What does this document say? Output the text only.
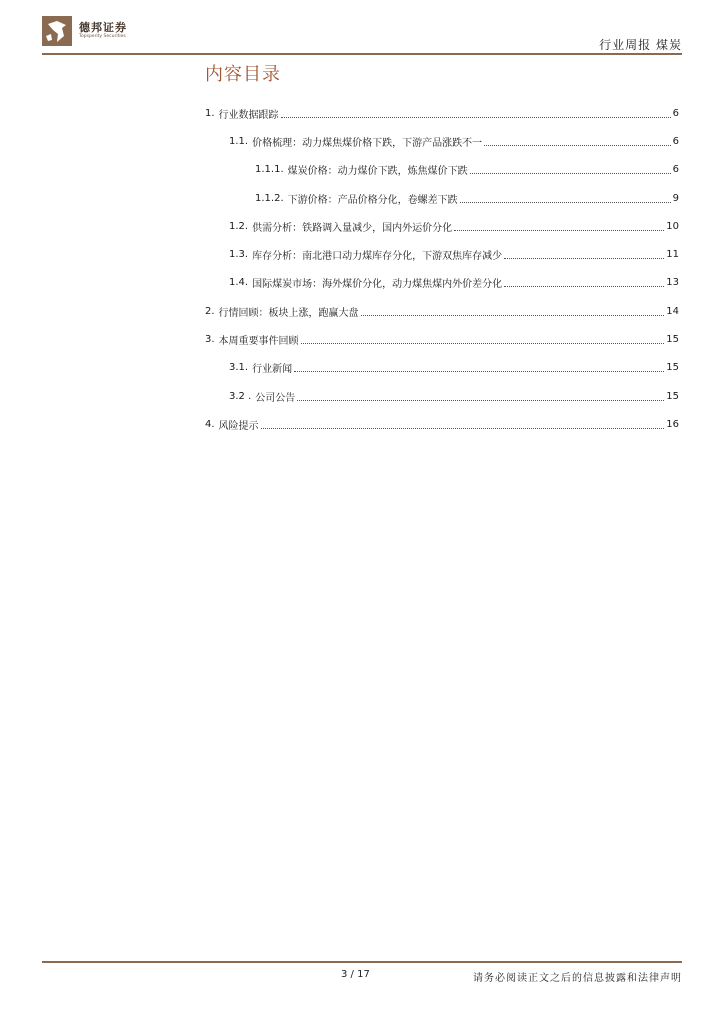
德邦证券
Topsperity Securities
行业周报 煤炭
内容目录
1. 行业数据跟踪	6
1.1. 价格梳理：动力煤焦煤价格下跌，下游产品涨跌不一	6
1.1.1. 煤炭价格：动力煤价下跌，炼焦煤价下跌	6
1.1.2. 下游价格：产品价格分化，卷螺差下跌	9
1.2. 供需分析：铁路调入量减少，国内外运价分化	10
1.3. 库存分析：南北港口动力煤库存分化，下游双焦库存减少	11
1.4. 国际煤炭市场：海外煤价分化，动力煤焦煤内外价差分化	13
2. 行情回顾：板块上涨，跑赢大盘	14
3. 本周重要事件回顾	15
3.1. 行业新闻	15
3.2 . 公司公告	15
4. 风险提示	16
3 / 17	请务必阅读正文之后的信息披露和法律声明
